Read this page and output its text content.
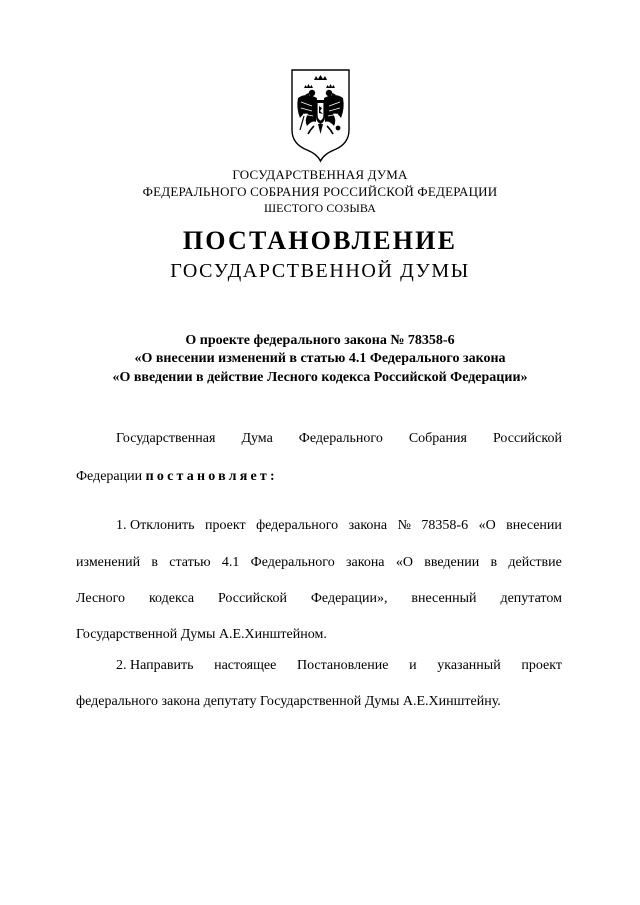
ГОСУДАРСТВЕННАЯ ДУМА
ФЕДЕРАЛЬНОГО СОБРАНИЯ РОССИЙСКОЙ ФЕДЕРАЦИИ
ШЕСТОГО СОЗЫВА
ПОСТАНОВЛЕНИЕ
ГОСУДАРСТВЕННОЙ ДУМЫ
О проекте федерального закона № 78358-6
«О внесении изменений в статью 4.1 Федерального закона
«О введении в действие Лесного кодекса Российской Федерации»
Государственная Дума Федерального Собрания Российской
Федерации постановляет:
1. Отклонить проект федерального закона № 78358-6 «О внесении
изменений в статью 4.1 Федерального закона «О введении в действие
Лесного кодекса Российской Федерации», внесенный депутатом
Государственной Думы А.Е.Хинштейном.
2. Направить настоящее Постановление и указанный проект
федерального закона депутату Государственной Думы А.Е.Хинштейну.
